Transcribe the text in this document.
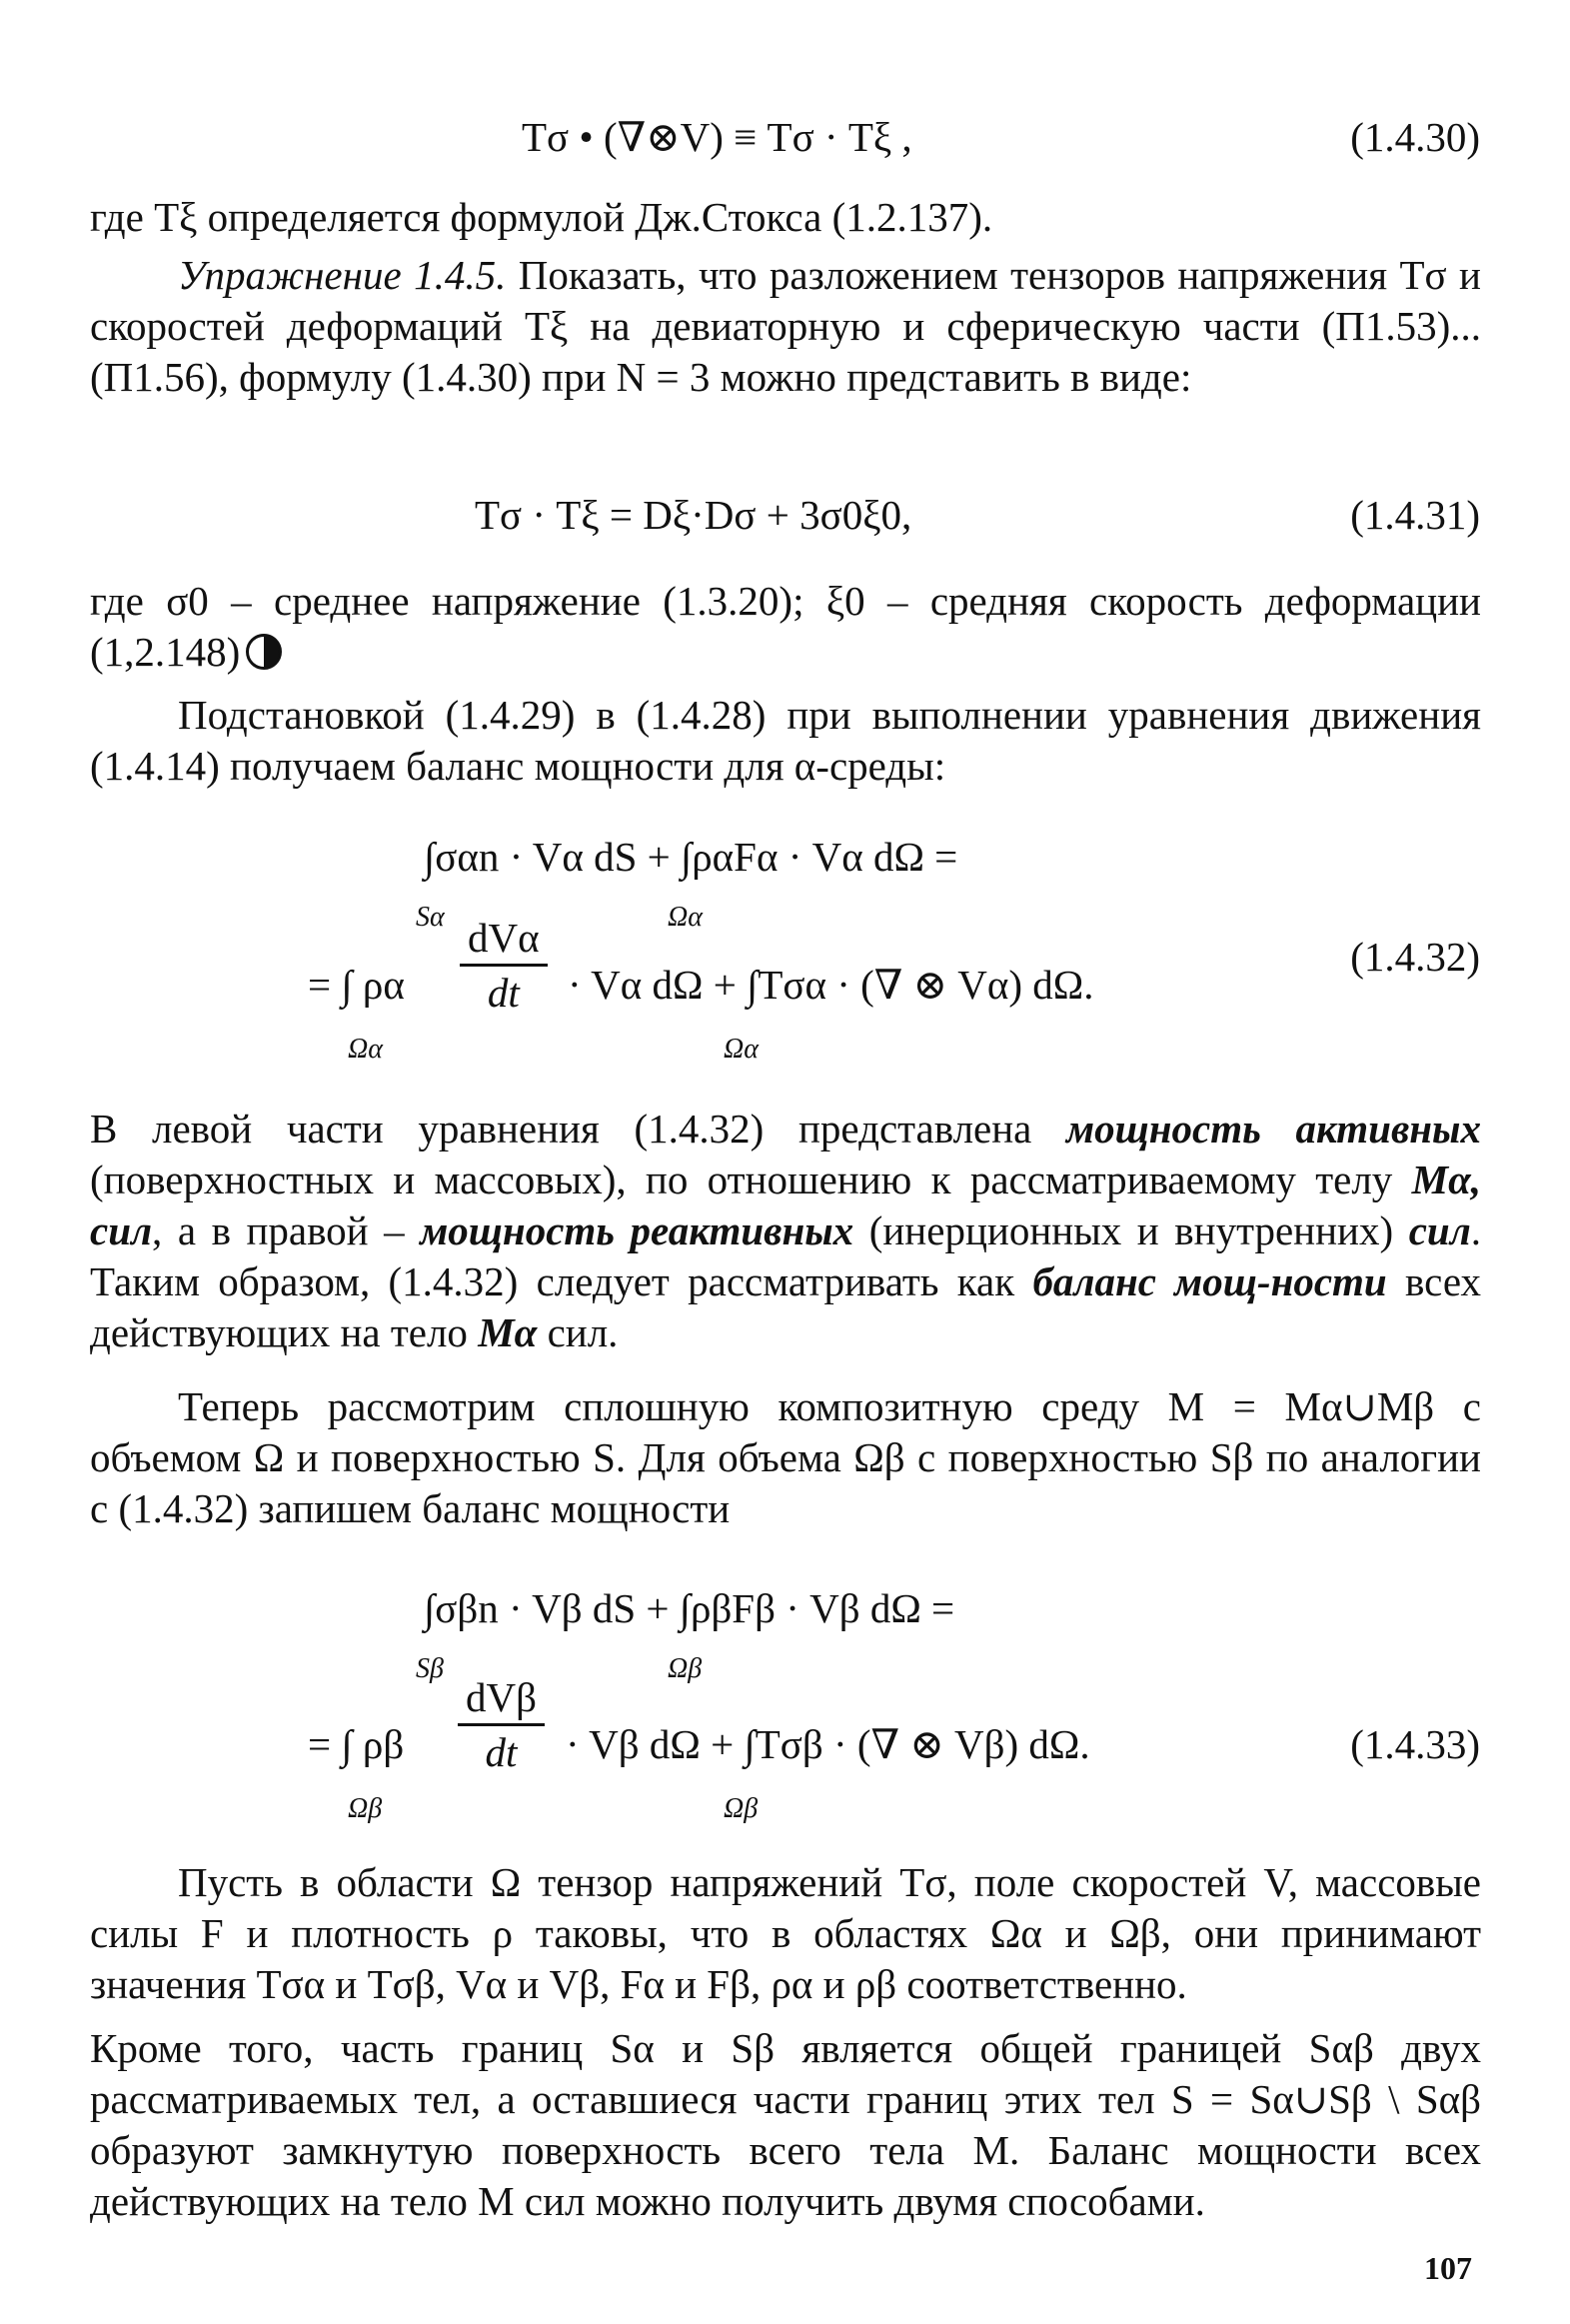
Tσ • (∇⊗V) ≡ Tσ · Tξ ,	(1.4.30)
где Tξ определяется формулой Дж.Стокса (1.2.137).
Упражнение 1.4.5. Показать, что разложением тензоров напряжения Tσ и скоростей деформаций Tξ на девиаторную и сферическую части (П1.53)...(П1.56), формулу (1.4.30) при N = 3 можно представить в виде:
Tσ · Tξ = Dξ·Dσ + 3σ0ξ0,	(1.4.31)
где σ0 – среднее напряжение (1.3.20); ξ0 – средняя скорость деформации (1,2.148)
Подстановкой (1.4.29) в (1.4.28) при выполнении уравнения движения (1.4.14) получаем баланс мощности для α-среды:
∫σαn · Vα dS + ∫ραFα · Vα dΩ =
Sα	Ωα
= ∫ ρα
dVα
dt	· Vα dΩ + ∫Tσα · (∇ ⊗ Vα) dΩ.
Ωα	Ωα
(1.4.32)
В левой части уравнения (1.4.32) представлена мощность активных (поверхностных и массовых), по отношению к рассматриваемому телу Mα, сил, а в правой – мощность реактивных (инерционных и внутренних) сил. Таким образом, (1.4.32) следует рассматривать как баланс мощ-ности всех действующих на тело Mα сил.
Теперь рассмотрим сплошную композитную среду M = Mα∪Mβ с объемом Ω и поверхностью S. Для объема Ωβ с поверхностью Sβ по аналогии с (1.4.32) запишем баланс мощности
∫σβn · Vβ dS + ∫ρβFβ · Vβ dΩ =
Sβ	Ωβ
= ∫ ρβ
dVβ
dt	· Vβ dΩ + ∫Tσβ · (∇ ⊗ Vβ) dΩ.
Ωβ	Ωβ
(1.4.33)
Пусть в области Ω тензор напряжений Tσ, поле скоростей V, массовые силы F и плотность ρ таковы, что в областях Ωα и Ωβ, они принимают значения Tσα и Tσβ, Vα и Vβ, Fα и Fβ, ρα и ρβ соответственно.
Кроме того, часть границ Sα и Sβ является общей границей Sαβ двух рассматриваемых тел, а оставшиеся части границ этих тел S = Sα∪Sβ \ Sαβ образуют замкнутую поверхность всего тела M. Баланс мощности всех действующих на тело M сил можно получить двумя способами.
107
